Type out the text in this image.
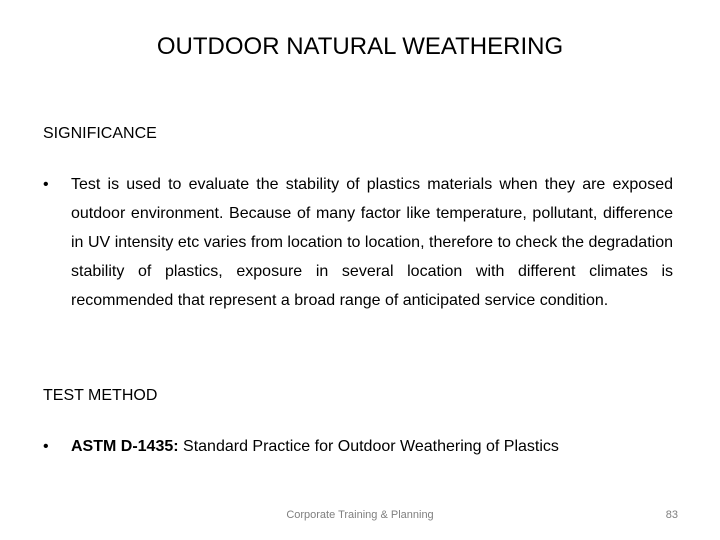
OUTDOOR NATURAL WEATHERING
SIGNIFICANCE
•	Test is used to evaluate the stability of plastics materials when they are exposed outdoor environment. Because of many factor like temperature, pollutant, difference in UV intensity etc varies from location to location, therefore to check the degradation stability of plastics, exposure in several location with different climates is recommended that represent a broad range of anticipated service condition.
TEST METHOD
•	ASTM D-1435: Standard Practice for Outdoor Weathering of Plastics
Corporate Training & Planning	83
